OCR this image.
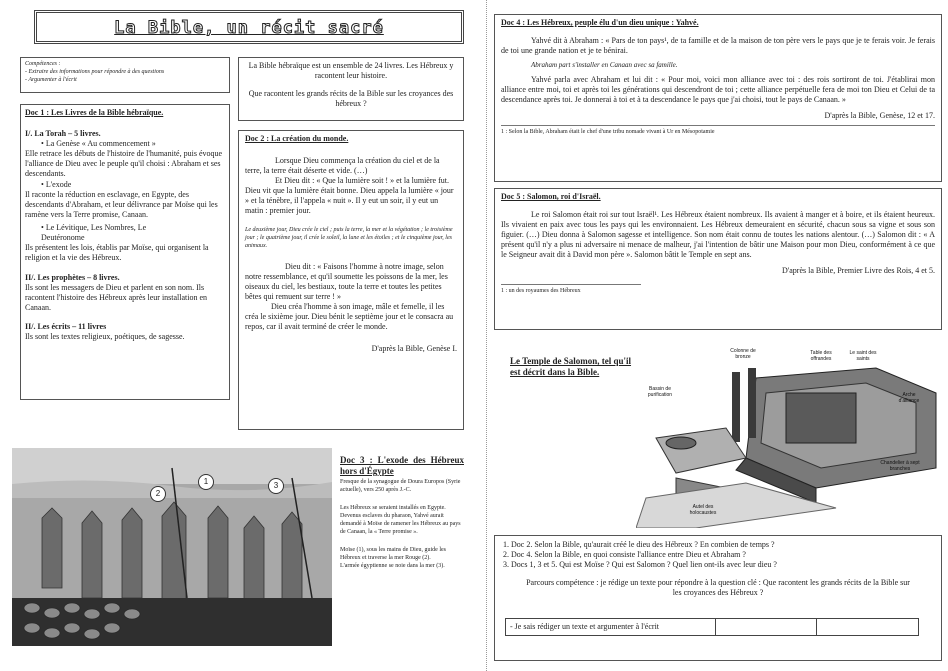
La Bible, un récit sacré

Compétences :

- Extraire des informations pour répondre à des questions

- Argumenter à l'écrit

La Bible hébraïque est un ensemble de 24 livres. Les Hébreux y racontent leur histoire.

Que racontent les grands récits de la Bible sur les croyances des hébreux ?

Doc 1 : Les Livres de la Bible hébraïque.

I/. La Torah – 5 livres.

• La Genèse « Au commencement »

Elle retrace les débuts de l'histoire de l'humanité, puis évoque l'alliance de Dieu avec le peuple qu'il choisi : Abraham et ses descendants.

• L'exode

Il raconte la réduction en esclavage, en Egypte, des descendants d'Abraham, et leur délivrance par Moïse qui les ramène vers la Terre promise, Canaan.

• Le Lévitique, Les Nombres, Le Deutéronome

Ils présentent les lois, établis par Moïse, qui organisent la religion et la vie des Hébreux.

II/. Les prophètes – 8 livres.

Ils sont les messagers de Dieu et parlent en son nom. Ils racontent l'histoire des Hébreux après leur installation en Canaan.

II/. Les écrits – 11 livres

Ils sont les textes religieux, poétiques, de sagesse.

Doc 2 : La création du monde.

Lorsque Dieu commença la création du ciel et de la terre, la terre était déserte et vide. (…)

Et Dieu dit : « Que la lumière soit ! » et la lumière fut. Dieu vit que la lumière était bonne. Dieu appela la lumière « jour » et la ténèbre, il l'appela « nuit ». Il y eut un soir, il y eut un matin : premier jour.

Le deuxième jour, Dieu crée le ciel ; puis la terre, la mer et la végétation ; le troisième jour ; le quatrième jour, il crée le soleil, la lune et les étoiles ; et le cinquième jour, les animaux.

Dieu dit : « Faisons l'homme à notre image, selon notre ressemblance, et qu'il soumette les poissons de la mer, les oiseaux du ciel, les bestiaux, toute la terre et toutes les petites bêtes qui remuent sur terre ! »

Dieu créa l'homme à son image, mâle et femelle, il les créa le sixième jour. Dieu bénit le septième jour et le consacra au repos, car il avait terminé de créer le monde.

D'après la Bible, Genèse I.

1
2
3

Doc 3 : L'exode des Hébreux hors d'Égypte

Fresque de la synagogue de Doura Europos (Syrie actuelle), vers 250 après J.-C.

Les Hébreux se seraient installés en Egypte. Devenus esclaves du pharaon, Yahvé aurait demandé à Moïse de ramener les Hébreux au pays de Canaan, la « Terre promise ».

Moïse (1), sous les mains de Dieu, guide les Hébreux et traverse la mer Rouge (2).

L'armée égyptienne se noie dans la mer (3).

Doc 4 : Les Hébreux, peuple élu d'un dieu unique : Yahvé.

Yahvé dit à Abraham : « Pars de ton pays¹, de ta famille et de la maison de ton père vers le pays que je te ferais voir. Je ferais de toi une grande nation et je te bénirai.

Abraham part s'installer en Canaan avec sa famille.

Yahvé parla avec Abraham et lui dit : « Pour moi, voici mon alliance avec toi : des rois sortiront de toi. J'établirai mon alliance entre moi, toi et après toi les générations qui descendront de toi ; cette alliance perpétuelle fera de moi ton Dieu et Celui de ta descendance après toi. Je donnerai à toi et à ta descendance le pays que j'ai choisi, tout le pays de Canaan. »

D'après la Bible, Genèse, 12 et 17.

1 : Selon la Bible, Abraham était le chef d'une tribu nomade vivant à Ur en Mésopotamie

Doc 5 : Salomon, roi d'Israël.

Le roi Salomon était roi sur tout Israël¹. Les Hébreux étaient nombreux. Ils avaient à manger et à boire, et ils étaient heureux. Ils vivaient en paix avec tous les pays qui les environnaient. Les Hébreux demeuraient en sécurité, chacun sous sa vigne et sous son figuier. (…) Dieu donna à Salomon sagesse et intelligence. Son nom était connu de toutes les nations alentour. (…) Salomon dit : « A présent qu'il n'y a plus ni adversaire ni menace de malheur, j'ai l'intention de bâtir une Maison pour mon Dieu, conformément à ce que le Seigneur avait dit à David mon père ». Salomon bâtit le Temple en sept ans.

D'après la Bible, Premier Livre des Rois, 4 et 5.

1 : un des royaumes des Hébreux

Le Temple de Salomon, tel qu'il est décrit dans la Bible.

Colonne de bronze
Table des offrandes
Le saint des saints
Bassin de purification	Arche d'alliance
Chandelier à sept branches
Autel des holocaustes

1. Doc 2. Selon la Bible, qu'aurait créé le dieu des Hébreux ? En combien de temps ?

2. Doc 4. Selon la Bible, en quoi consiste l'alliance entre Dieu et Abraham ?

3. Docs 1, 3 et 5. Qui est Moïse ? Qui est Salomon ? Quel lien ont-ils avec leur dieu ?

Parcours compétence : je rédige un texte pour répondre à la question clé : Que racontent les grands récits de la Bible sur les croyances des Hébreux ?

- Je sais rédiger un texte et argumenter à l'écrit
